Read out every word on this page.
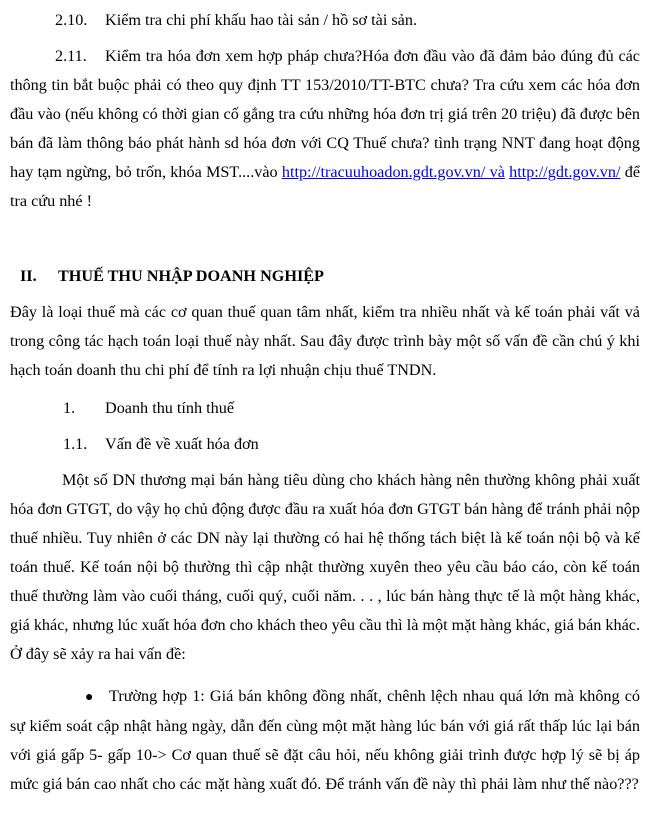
2.10. Kiểm tra chi phí khấu hao tài sản / hồ sơ tài sản.

2.11. Kiểm tra hóa đơn xem hợp pháp chưa?Hóa đơn đầu vào đã đảm bảo đúng đủ các thông tin bắt buộc phải có theo quy định TT 153/2010/TT-BTC chưa? Tra cứu xem các hóa đơn đầu vào (nếu không có thời gian cố gắng tra cứu những hóa đơn trị giá trên 20 triệu) đã được bên bán đã làm thông báo phát hành sd hóa đơn với CQ Thuế chưa? tình trạng NNT đang hoạt động hay tạm ngừng, bỏ trốn, khóa MST....vào http://tracuuhoadon.gdt.gov.vn/ và http://gdt.gov.vn/ để tra cứu nhé !

II. THUẾ THU NHẬP DOANH NGHIỆP

Đây là loại thuế mà các cơ quan thuế quan tâm nhất, kiểm tra nhiều nhất và kế toán phải vất vả trong công tác hạch toán loại thuế này nhất. Sau đây được trình bày một số vấn đề cần chú ý khi hạch toán doanh thu chi phí để tính ra lợi nhuận chịu thuế TNDN.

1. Doanh thu tính thuế

1.1. Vấn đề về xuất hóa đơn

Một số DN thương mại bán hàng tiêu dùng cho khách hàng nên thường không phải xuất hóa đơn GTGT, do vậy họ chủ động được đầu ra xuất hóa đơn GTGT bán hàng để tránh phải nộp thuế nhiều. Tuy nhiên ở các DN này lại thường có hai hệ thống tách biệt là kế toán nội bộ và kế toán thuế. Kế toán nội bộ thường thì cập nhật thường xuyên theo yêu cầu báo cáo, còn kế toán thuế thường làm vào cuối tháng, cuối quý, cuối năm. . . , lúc bán hàng thực tế là một hàng khác, giá khác, nhưng lúc xuất hóa đơn cho khách theo yêu cầu thì là một mặt hàng khác, giá bán khác. Ở đây sẽ xảy ra hai vấn đề:

● Trường hợp 1: Giá bán không đồng nhất, chênh lệch nhau quá lớn mà không có sự kiểm soát cập nhật hàng ngày, dẫn đến cùng một mặt hàng lúc bán với giá rất thấp lúc lại bán với giá gấp 5- gấp 10-> Cơ quan thuế sẽ đặt câu hỏi, nếu không giải trình được hợp lý sẽ bị áp mức giá bán cao nhất cho các mặt hàng xuất đó. Để tránh vấn đề này thì phải làm như thế nào???
